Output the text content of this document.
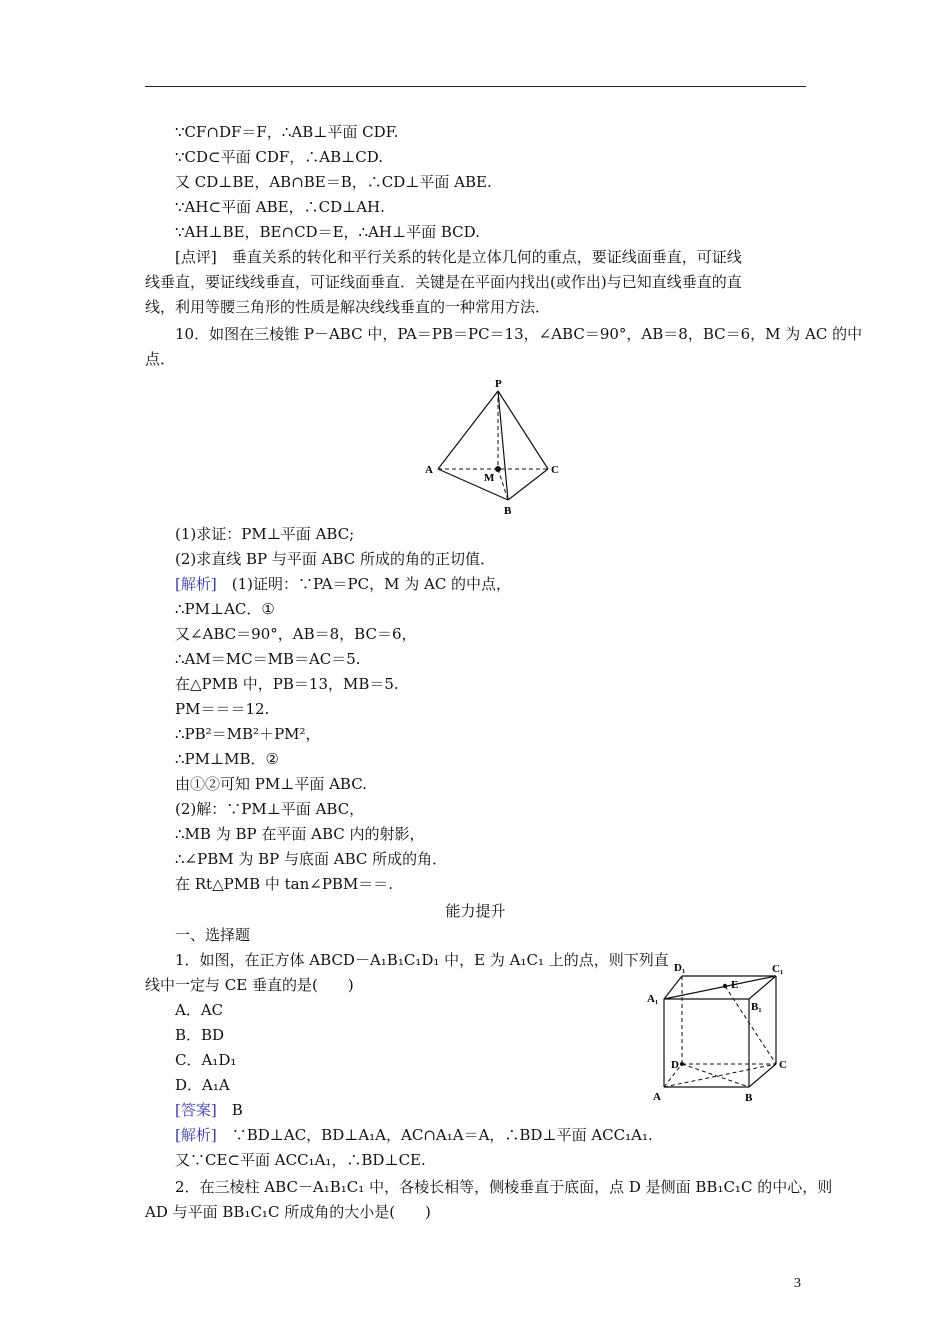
∵CF∩DF＝F，∴AB⊥平面 CDF.
∵CD⊂平面 CDF，∴AB⊥CD.
又 CD⊥BE，AB∩BE＝B，∴CD⊥平面 ABE.
∵AH⊂平面 ABE，∴CD⊥AH.
∵AH⊥BE，BE∩CD＝E，∴AH⊥平面 BCD.
[点评]　垂直关系的转化和平行关系的转化是立体几何的重点，要证线面垂直，可证线
线垂直，要证线线垂直，可证线面垂直．关键是在平面内找出(或作出)与已知直线垂直的直
线，利用等腰三角形的性质是解决线线垂直的一种常用方法．
10．如图在三棱锥 P－ABC 中，PA＝PB＝PC＝13，∠ABC＝90°，AB＝8，BC＝6，M 为 AC 的中
点．
P
A	C
B
M
(1)求证：PM⊥平面 ABC;
(2)求直线 BP 与平面 ABC 所成的角的正切值．
[解析]　(1)证明：∵PA＝PC，M 为 AC 的中点，
∴PM⊥AC．①
又∠ABC＝90°，AB＝8，BC＝6，
∴AM＝MC＝MB＝AC＝5.
在△PMB 中，PB＝13，MB＝5.
PM＝＝＝12.
∴PB²＝MB²＋PM²，
∴PM⊥MB．②
由①②可知 PM⊥平面 ABC.
(2)解：∵PM⊥平面 ABC，
∴MB 为 BP 在平面 ABC 内的射影，
∴∠PBM 为 BP 与底面 ABC 所成的角．
在 Rt△PMB 中 tan∠PBM＝＝.
能力提升
一、选择题
1．如图，在正方体 ABCD－A₁B₁C₁D₁ 中，E 为 A₁C₁ 上的点，则下列直
线中一定与 CE 垂直的是(　　)
A．AC
B．BD
C．A₁D₁
D．A₁A
D₁	C₁
A₁
B₁
E
D	C
A	B
[答案]　B
[解析]　∵BD⊥AC，BD⊥A₁A，AC∩A₁A＝A，∴BD⊥平面 ACC₁A₁.
又∵CE⊂平面 ACC₁A₁，∴BD⊥CE.
2．在三棱柱 ABC－A₁B₁C₁ 中，各棱长相等，侧棱垂直于底面，点 D 是侧面 BB₁C₁C 的中心，则
AD 与平面 BB₁C₁C 所成角的大小是(　　)
3
